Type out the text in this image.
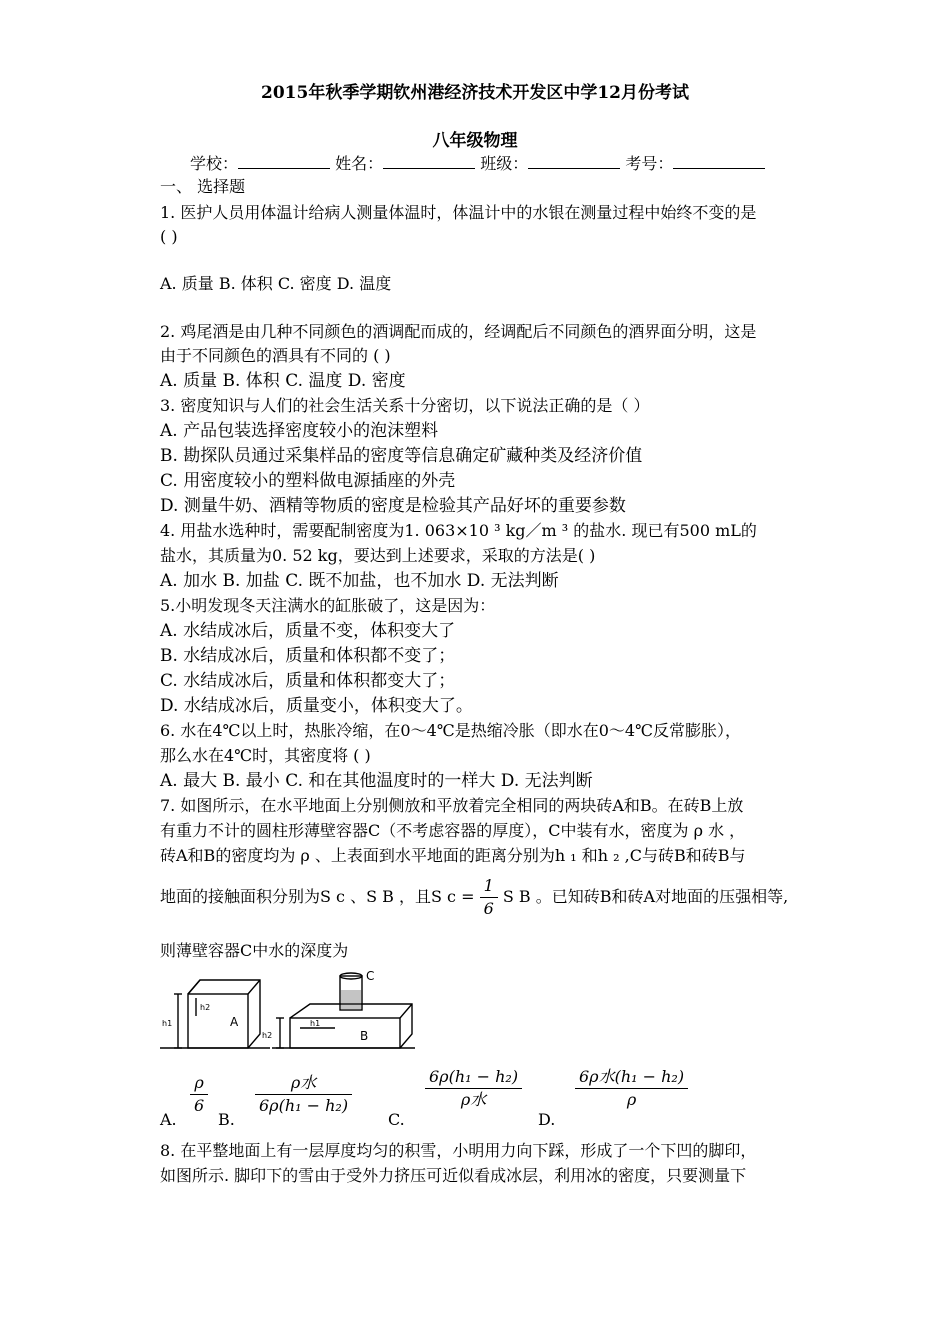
2015年秋季学期钦州港经济技术开发区中学12月份考试
八年级物理
学校：	姓名：	班级：	考号：
一、 选择题
1. 医护人员用体温计给病人测量体温时，体温计中的水银在测量过程中始终不变的是
( )
A. 质量 B. 体积 C. 密度 D. 温度
2. 鸡尾酒是由几种不同颜色的酒调配而成的，经调配后不同颜色的酒界面分明，这是
由于不同颜色的酒具有不同的 ( )
A. 质量 B. 体积 C. 温度 D. 密度
3. 密度知识与人们的社会生活关系十分密切，以下说法正确的是（ ）
A. 产品包装选择密度较小的泡沫塑料
B. 勘探队员通过采集样品的密度等信息确定矿藏种类及经济价值
C. 用密度较小的塑料做电源插座的外壳
D. 测量牛奶、酒精等物质的密度是检验其产品好坏的重要参数
4. 用盐水选种时，需要配制密度为1. 063×10 ³ kg／m ³ 的盐水. 现已有500 mL的
盐水，其质量为0. 52 kg，要达到上述要求，采取的方法是( )
A. 加水 B. 加盐 C. 既不加盐，也不加水 D. 无法判断
5.小明发现冬天注满水的缸胀破了，这是因为：
A. 水结成冰后，质量不变，体积变大了
B. 水结成冰后，质量和体积都不变了；
C. 水结成冰后，质量和体积都变大了；
D. 水结成冰后，质量变小，体积变大了。
6. 水在4℃以上时，热胀冷缩，在0～4℃是热缩冷胀（即水在0～4℃反常膨胀），
那么水在4℃时，其密度将 ( )
A. 最大 B. 最小 C. 和在其他温度时的一样大 D. 无法判断
7. 如图所示，在水平地面上分别侧放和平放着完全相同的两块砖A和B。在砖B上放
有重力不计的圆柱形薄壁容器C（不考虑容器的厚度），C中装有水，密度为 ρ 水 ，
砖A和B的密度均为 ρ 、上表面到水平地面的距离分别为h ₁ 和h ₂ ,C与砖B和砖B与
地面的接触面积分别为S c 、S B ，且S $c = \frac{1}{6}$ S B 。已知砖B和砖A对地面的压强相等,
则薄壁容器C中水的深度为
A
B
C
h1
h2
h2
h1
A.
$\frac{\rho}{6}$
B.
ρ水
6ρ(h₁ − h₂)
C.
6ρ(h₁ − h₂)
ρ水
D.
6ρ水(h₁ − h₂)
ρ
8. 在平整地面上有一层厚度均匀的积雪，小明用力向下踩，形成了一个下凹的脚印，
如图所示. 脚印下的雪由于受外力挤压可近似看成冰层，利用冰的密度，只要测量下
